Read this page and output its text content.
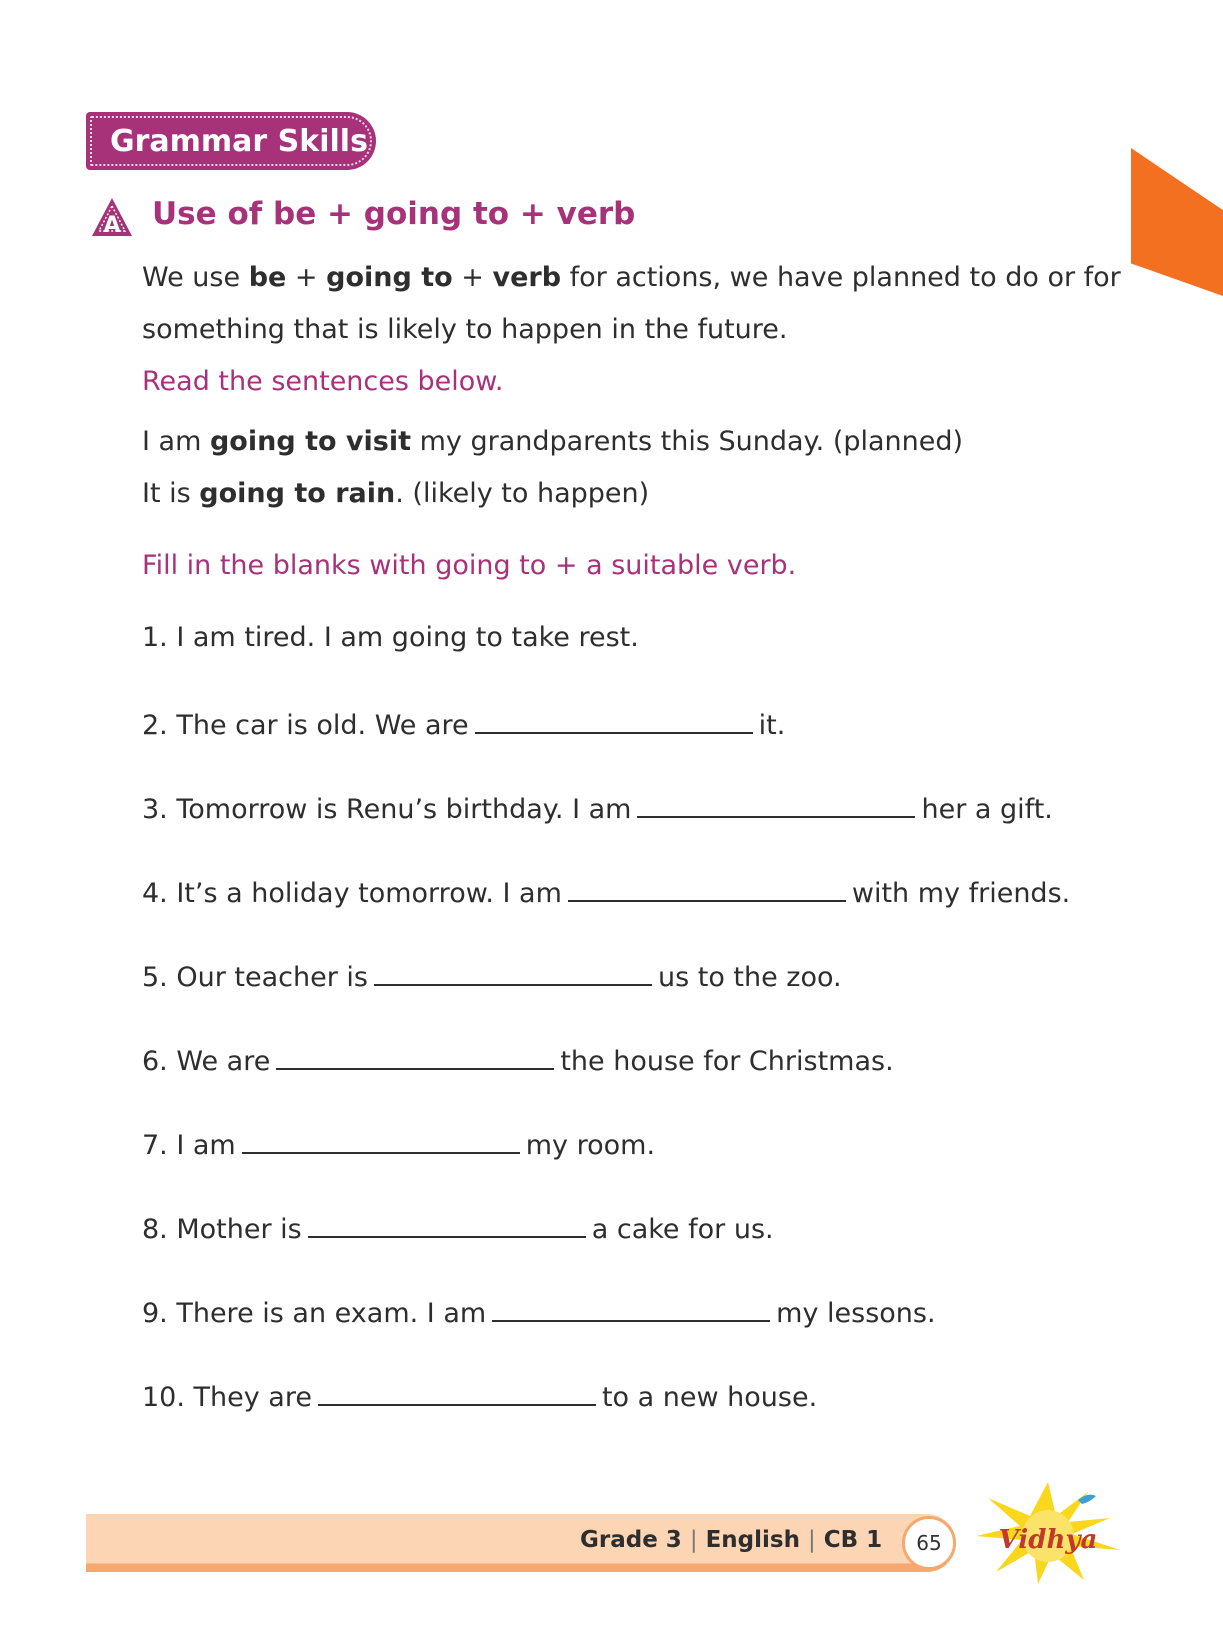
Grammar Skills
A Use of be + going to + verb
We use be + going to + verb for actions, we have planned to do or for something that is likely to happen in the future.
Read the sentences below.
I am going to visit my grandparents this Sunday. (planned)
It is going to rain. (likely to happen)
Fill in the blanks with going to + a suitable verb.
1. I am tired. I am going to take rest.
2. The car is old. We are	it.
3. Tomorrow is Renu’s birthday. I am	her a gift.
4. It’s a holiday tomorrow. I am	with my friends.
5. Our teacher is	us to the zoo.
6. We are	the house for Christmas.
7. I am	my room.
8. Mother is	a cake for us.
9. There is an exam. I am	my lessons.
10. They are	to a new house.
Grade 3 | English | CB 1	65	Vidhya
